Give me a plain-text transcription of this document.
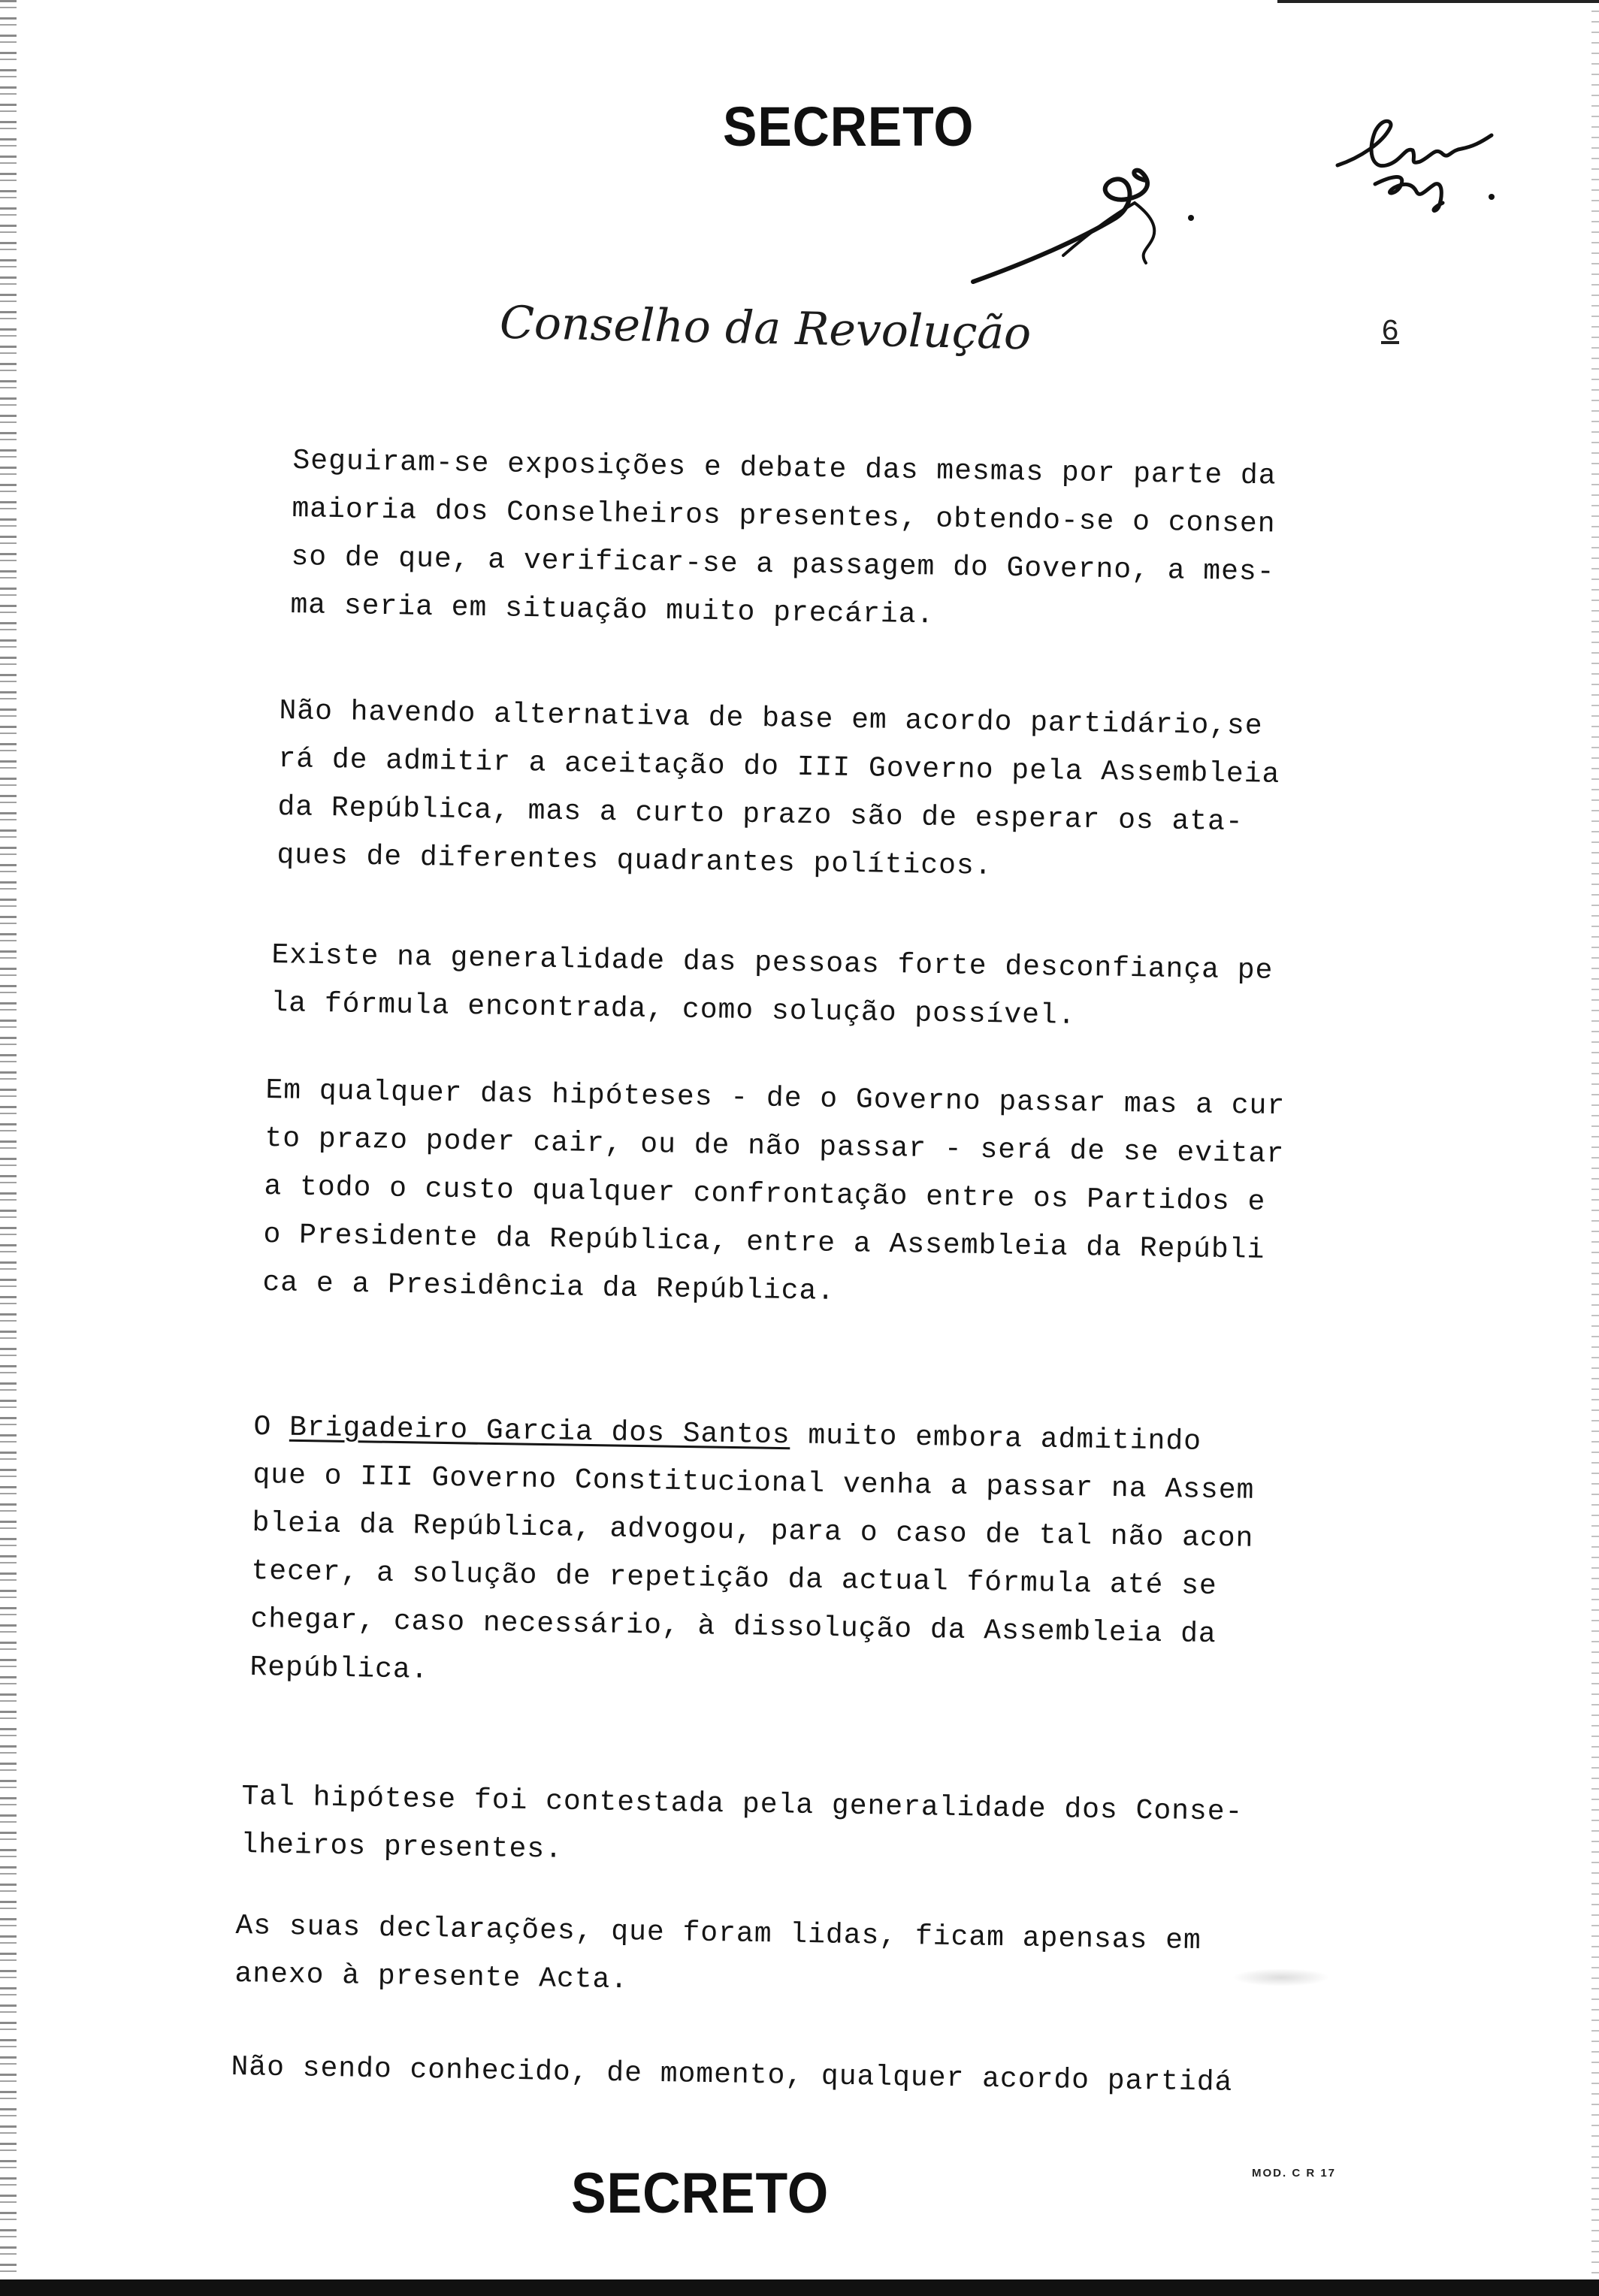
SECRETO
Conselho da Revolução	6
Seguiram-se exposições e debate das mesmas por parte da
maioria dos Conselheiros presentes, obtendo-se o consen
so de que, a verificar-se a passagem do Governo, a mes-
ma seria em situação muito precária.
Não havendo alternativa de base em acordo partidário,se
rá de admitir a aceitação do III Governo pela Assembleia
da República, mas a curto prazo são de esperar os ata-
ques de diferentes quadrantes políticos.
Existe na generalidade das pessoas forte desconfiança pe
la fórmula encontrada, como solução possível.
Em qualquer das hipóteses - de o Governo passar mas a cur
to prazo poder cair, ou de não passar - será de se evitar
a todo o custo qualquer confrontação entre os Partidos e
o Presidente da República, entre a Assembleia da Repúbli
ca e a Presidência da República.
O Brigadeiro Garcia dos Santos muito embora admitindo
que o III Governo Constitucional venha a passar na Assem
bleia da República, advogou, para o caso de tal não acon
tecer, a solução de repetição da actual fórmula até se
chegar, caso necessário, à dissolução da Assembleia da
República.
Tal hipótese foi contestada pela generalidade dos Conse-
lheiros presentes.
As suas declarações, que foram lidas, ficam apensas em
anexo à presente Acta.
Não sendo conhecido, de momento, qualquer acordo partidá
SECRETO	MOD. C R 17
